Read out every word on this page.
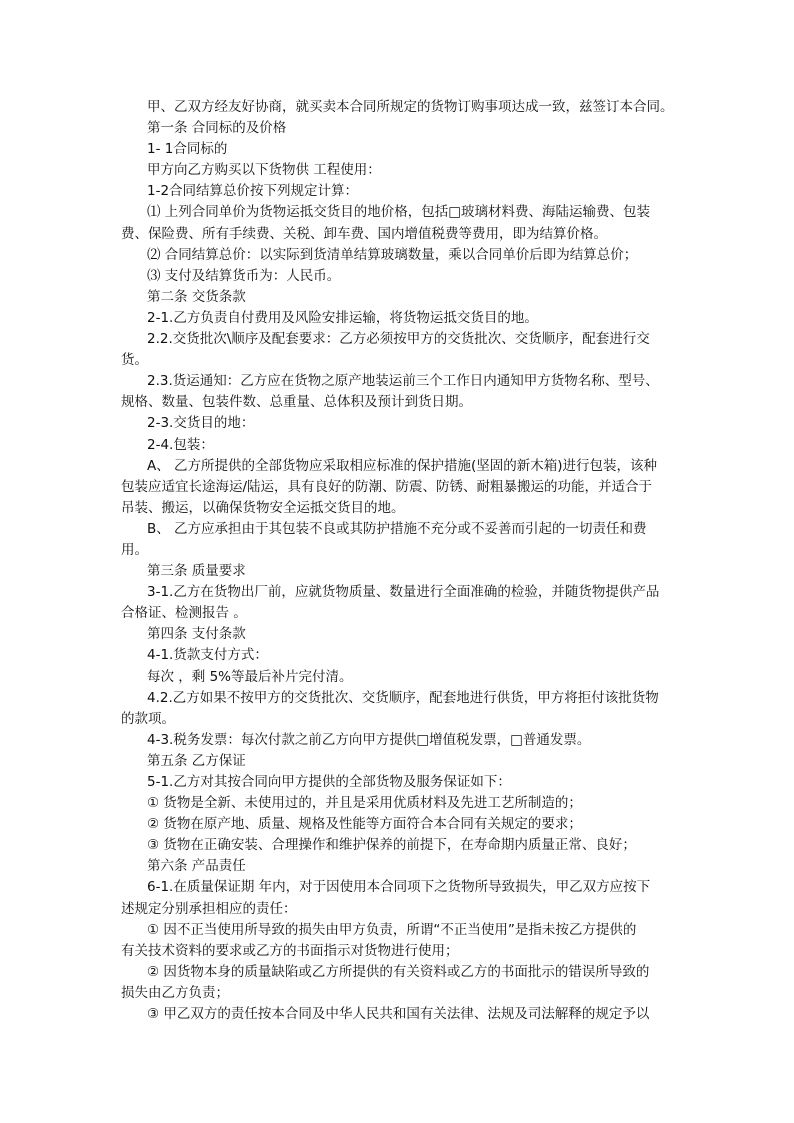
甲、乙双方经友好协商，就买卖本合同所规定的货物订购事项达成一致，兹签订本合同。
第一条 合同标的及价格
1- 1合同标的
甲方向乙方购买以下货物供 工程使用：
1-2合同结算总价按下列规定计算：
⑴ 上列合同单价为货物运抵交货目的地价格，包括□玻璃材料费、海陆运输费、包装
费、保险费、所有手续费、关税、卸车费、国内增值税费等费用，即为结算价格。
⑵ 合同结算总价：以实际到货清单结算玻璃数量，乘以合同单价后即为结算总价；
⑶ 支付及结算货币为：人民币。
第二条 交货条款
2-1.乙方负责自付费用及风险安排运输，将货物运抵交货目的地。
2.2.交货批次\顺序及配套要求：乙方必须按甲方的交货批次、交货顺序，配套进行交
货。
2.3.货运通知：乙方应在货物之原产地装运前三个工作日内通知甲方货物名称、型号、
规格、数量、包装件数、总重量、总体积及预计到货日期。
2-3.交货目的地：
2-4.包装：
A、 乙方所提供的全部货物应采取相应标准的保护措施(坚固的新木箱)进行包装，该种
包装应适宜长途海运/陆运，具有良好的防潮、防震、防锈、耐粗暴搬运的功能，并适合于
吊装、搬运，以确保货物安全运抵交货目的地。
B、 乙方应承担由于其包装不良或其防护措施不充分或不妥善而引起的一切责任和费
用。
第三条 质量要求
3-1.乙方在货物出厂前，应就货物质量、数量进行全面准确的检验，并随货物提供产品
合格证、检测报告 。
第四条 支付条款
4-1.货款支付方式：
每次 ，剩 5%等最后补片完付清。
4.2.乙方如果不按甲方的交货批次、交货顺序，配套地进行供货，甲方将拒付该批货物
的款项。
4-3.税务发票：每次付款之前乙方向甲方提供□增值税发票，□普通发票。
第五条 乙方保证
5-1.乙方对其按合同向甲方提供的全部货物及服务保证如下：
① 货物是全新、未使用过的，并且是采用优质材料及先进工艺所制造的；
② 货物在原产地、质量、规格及性能等方面符合本合同有关规定的要求；
③ 货物在正确安装、合理操作和维护保养的前提下，在寿命期内质量正常、良好；
第六条 产品责任
6-1.在质量保证期 年内，对于因使用本合同项下之货物所导致损失，甲乙双方应按下
述规定分别承担相应的责任：
① 因不正当使用所导致的损失由甲方负责，所谓“不正当使用”是指未按乙方提供的
有关技术资料的要求或乙方的书面指示对货物进行使用；
② 因货物本身的质量缺陷或乙方所提供的有关资料或乙方的书面批示的错误所导致的
损失由乙方负责；
③ 甲乙双方的责任按本合同及中华人民共和国有关法律、法规及司法解释的规定予以
